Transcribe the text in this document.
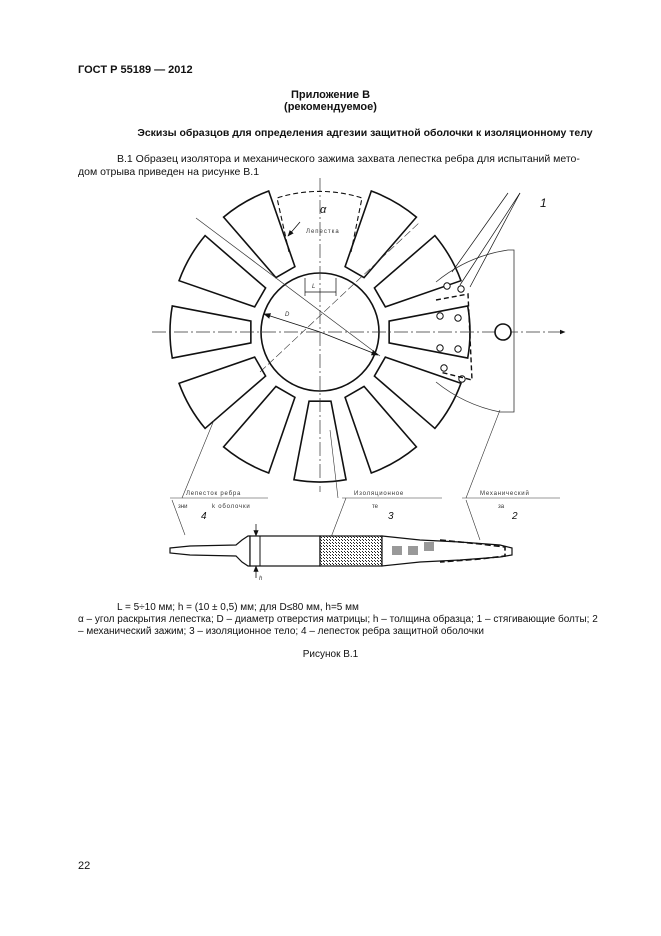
ГОСТ Р 55189 — 2012
Приложение В
(рекомендуемое)
Эскизы образцов для определения адгезии защитной оболочки к изоляционному телу
В.1 Образец изолятора и механического зажима захвата лепестка ребра для испытаний мето-
дом отрыва приведен на рисунке В.1
D
L
α
Лепестка
1
Лепесток ребра
зни	k оболочки
4
Изоляционное
те
3
Механический
за
2
h
L = 5÷10 мм; h = (10 ± 0,5) мм; для D≤80 мм, h=5 мм
α – угол раскрытия лепестка; D – диаметр отверстия матрицы; h – толщина образца; 1 – стягивающие болты; 2
– механический зажим; 3 – изоляционное тело; 4 – лепесток ребра защитной оболочки
Рисунок В.1
22
